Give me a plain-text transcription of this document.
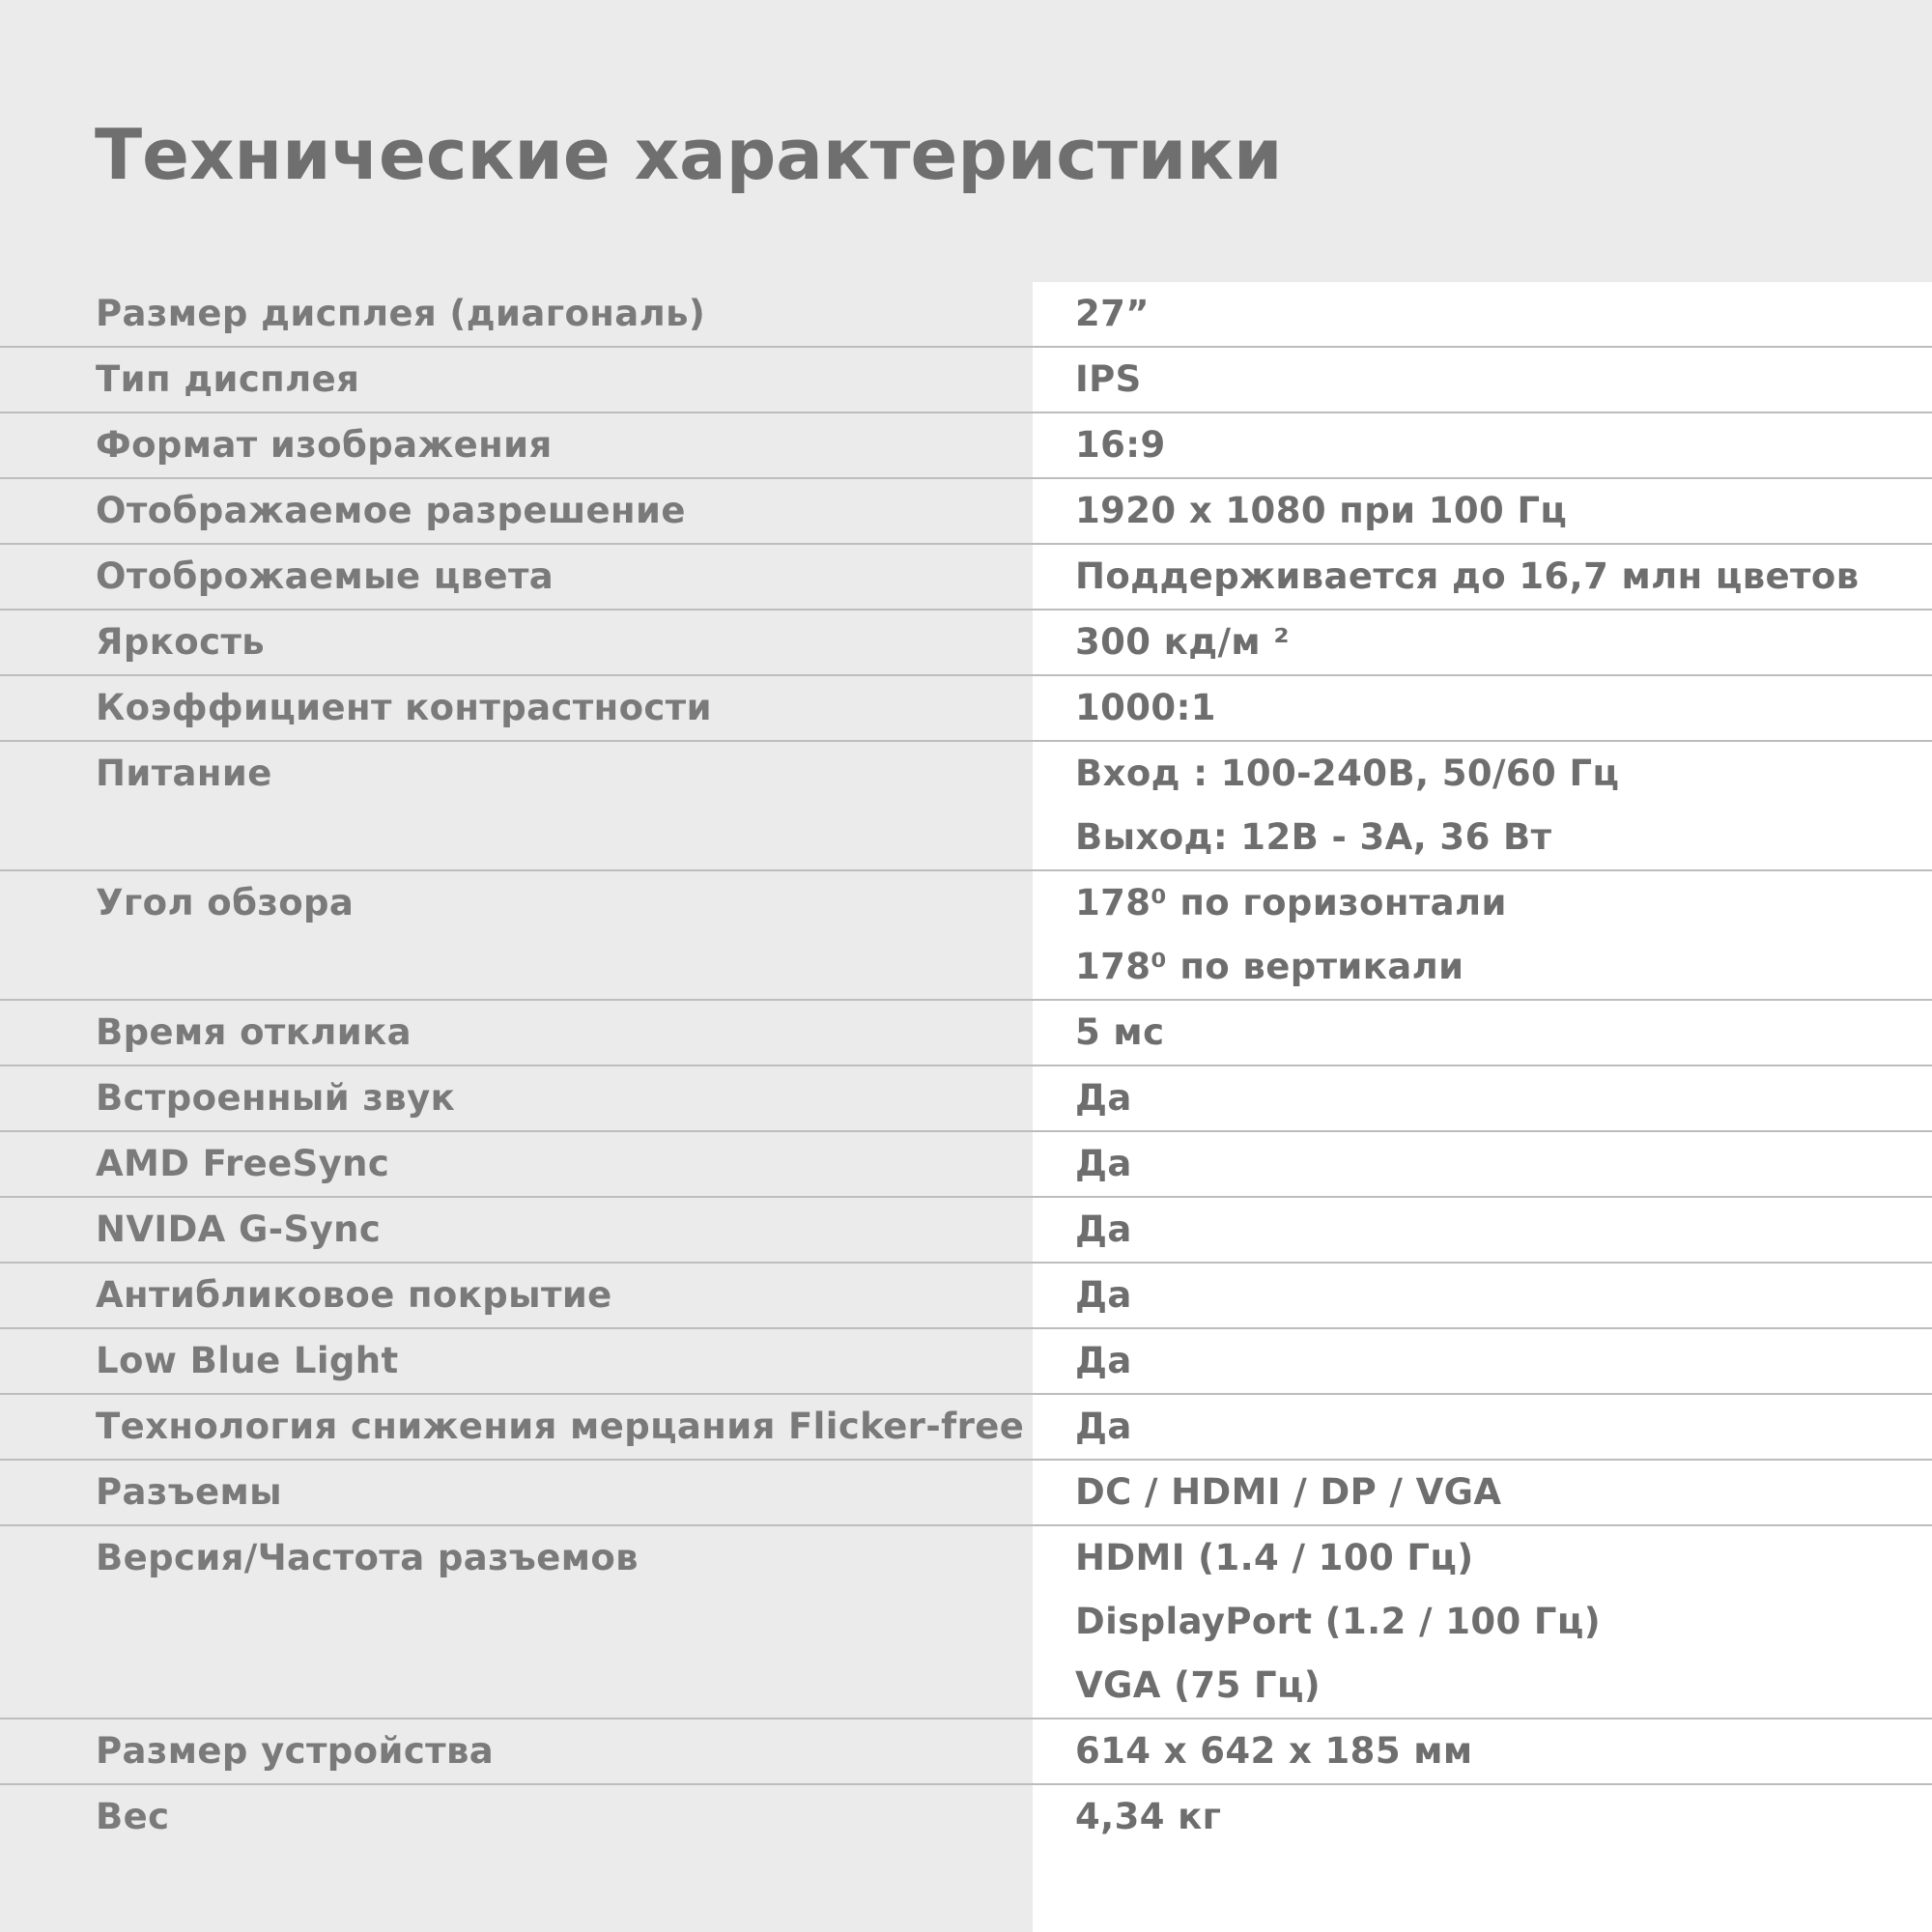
Технические характеристики
Размер дисплея (диагональ)	27”
Тип дисплея	IPS
Формат изображения	16:9
Отображаемое разрешение	1920 x 1080 при 100 Гц
Отоброжаемые цвета	Поддерживается до 16,7 млн цветов
Яркость	300 кд/м ²
Коэффициент контрастности	1000:1
Питание	Вход : 100-240В, 50/60 Гц
Выход: 12В - 3А, 36 Вт
Угол обзора	178⁰ по горизонтали
178⁰ по вертикали
Время отклика	5 мс
Встроенный звук	Да
AMD FreeSync	Да
NVIDA G-Sync	Да
Антибликовое покрытие	Да
Low Blue Light	Да
Технология снижения мерцания Flicker-free Да
Разъемы	DC / HDMI / DP / VGA
Версия/Частота разъемов	HDMI (1.4 / 100 Гц)
DisplayPort (1.2 / 100 Гц)
VGA (75 Гц)
Размер устройства	614 x 642 x 185 мм
Вес	4,34 кг
